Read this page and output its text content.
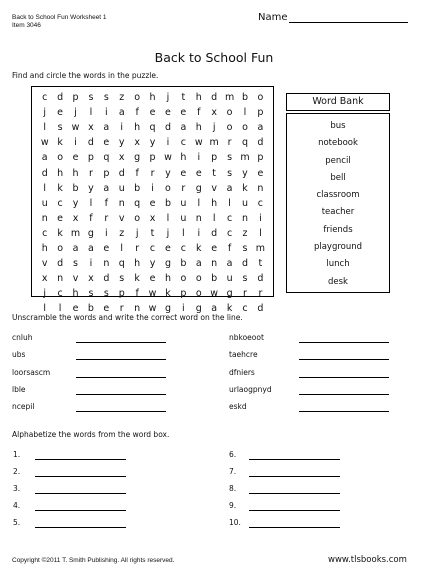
Back to School Fun Worksheet 1
Item 3046
Name
Back to School Fun
Find and circle the words in the puzzle.
c	d p	s	s	z	o h	j	t	h d m b o
j	e	j	l	i	a	f	e	e	e	f	x	o	l	p
l	s w x	a	i	h q d a h	j	o	o	a
w k	i	d e	y	x	y	i	c w m r	q d
a	o	e p q	x	g p w h	i	p	s m p
d h h	r	p d	f	r	y	e	e	t	s	y	e
l	k	b	y	a u b	i	o	r	g	v	a	k	n
u	c	y	l	f	n q e b u	l	h	l	u	c
n e	x	f	r	v	o	x	l	u n	l	c	n	i
c	k m g	i	z	j	t	j	l	i	d	c	z	l
h o	a	a	e	l	r	c	e	c	k	e	f	s m
v	d	s	i	n q h	y	g b a n a d	t
x	n	v	x	d	s	k	e h o	o b u	s	d
j	c	h	s	s	p	f	w k	p o w g	r	r
l	l	e b e	r	n w g	i	g a	k	c	d
Word Bank
bus
notebook
pencil
bell
classroom
teacher
friends
playground
lunch
desk
Unscramble the words and write the correct word on the line.
cnluh
ubs
loorsascm
lble
ncepil
nbkoeoot
taehcre
dfniers
urlaogpnyd
eskd
Alphabetize the words from the word box.
1.
2.
3.
4.
5.
6.
7.
8.
9.
10.
Copyright ©2011 T. Smith Publishing. All rights reserved.	www.tlsbooks.com
